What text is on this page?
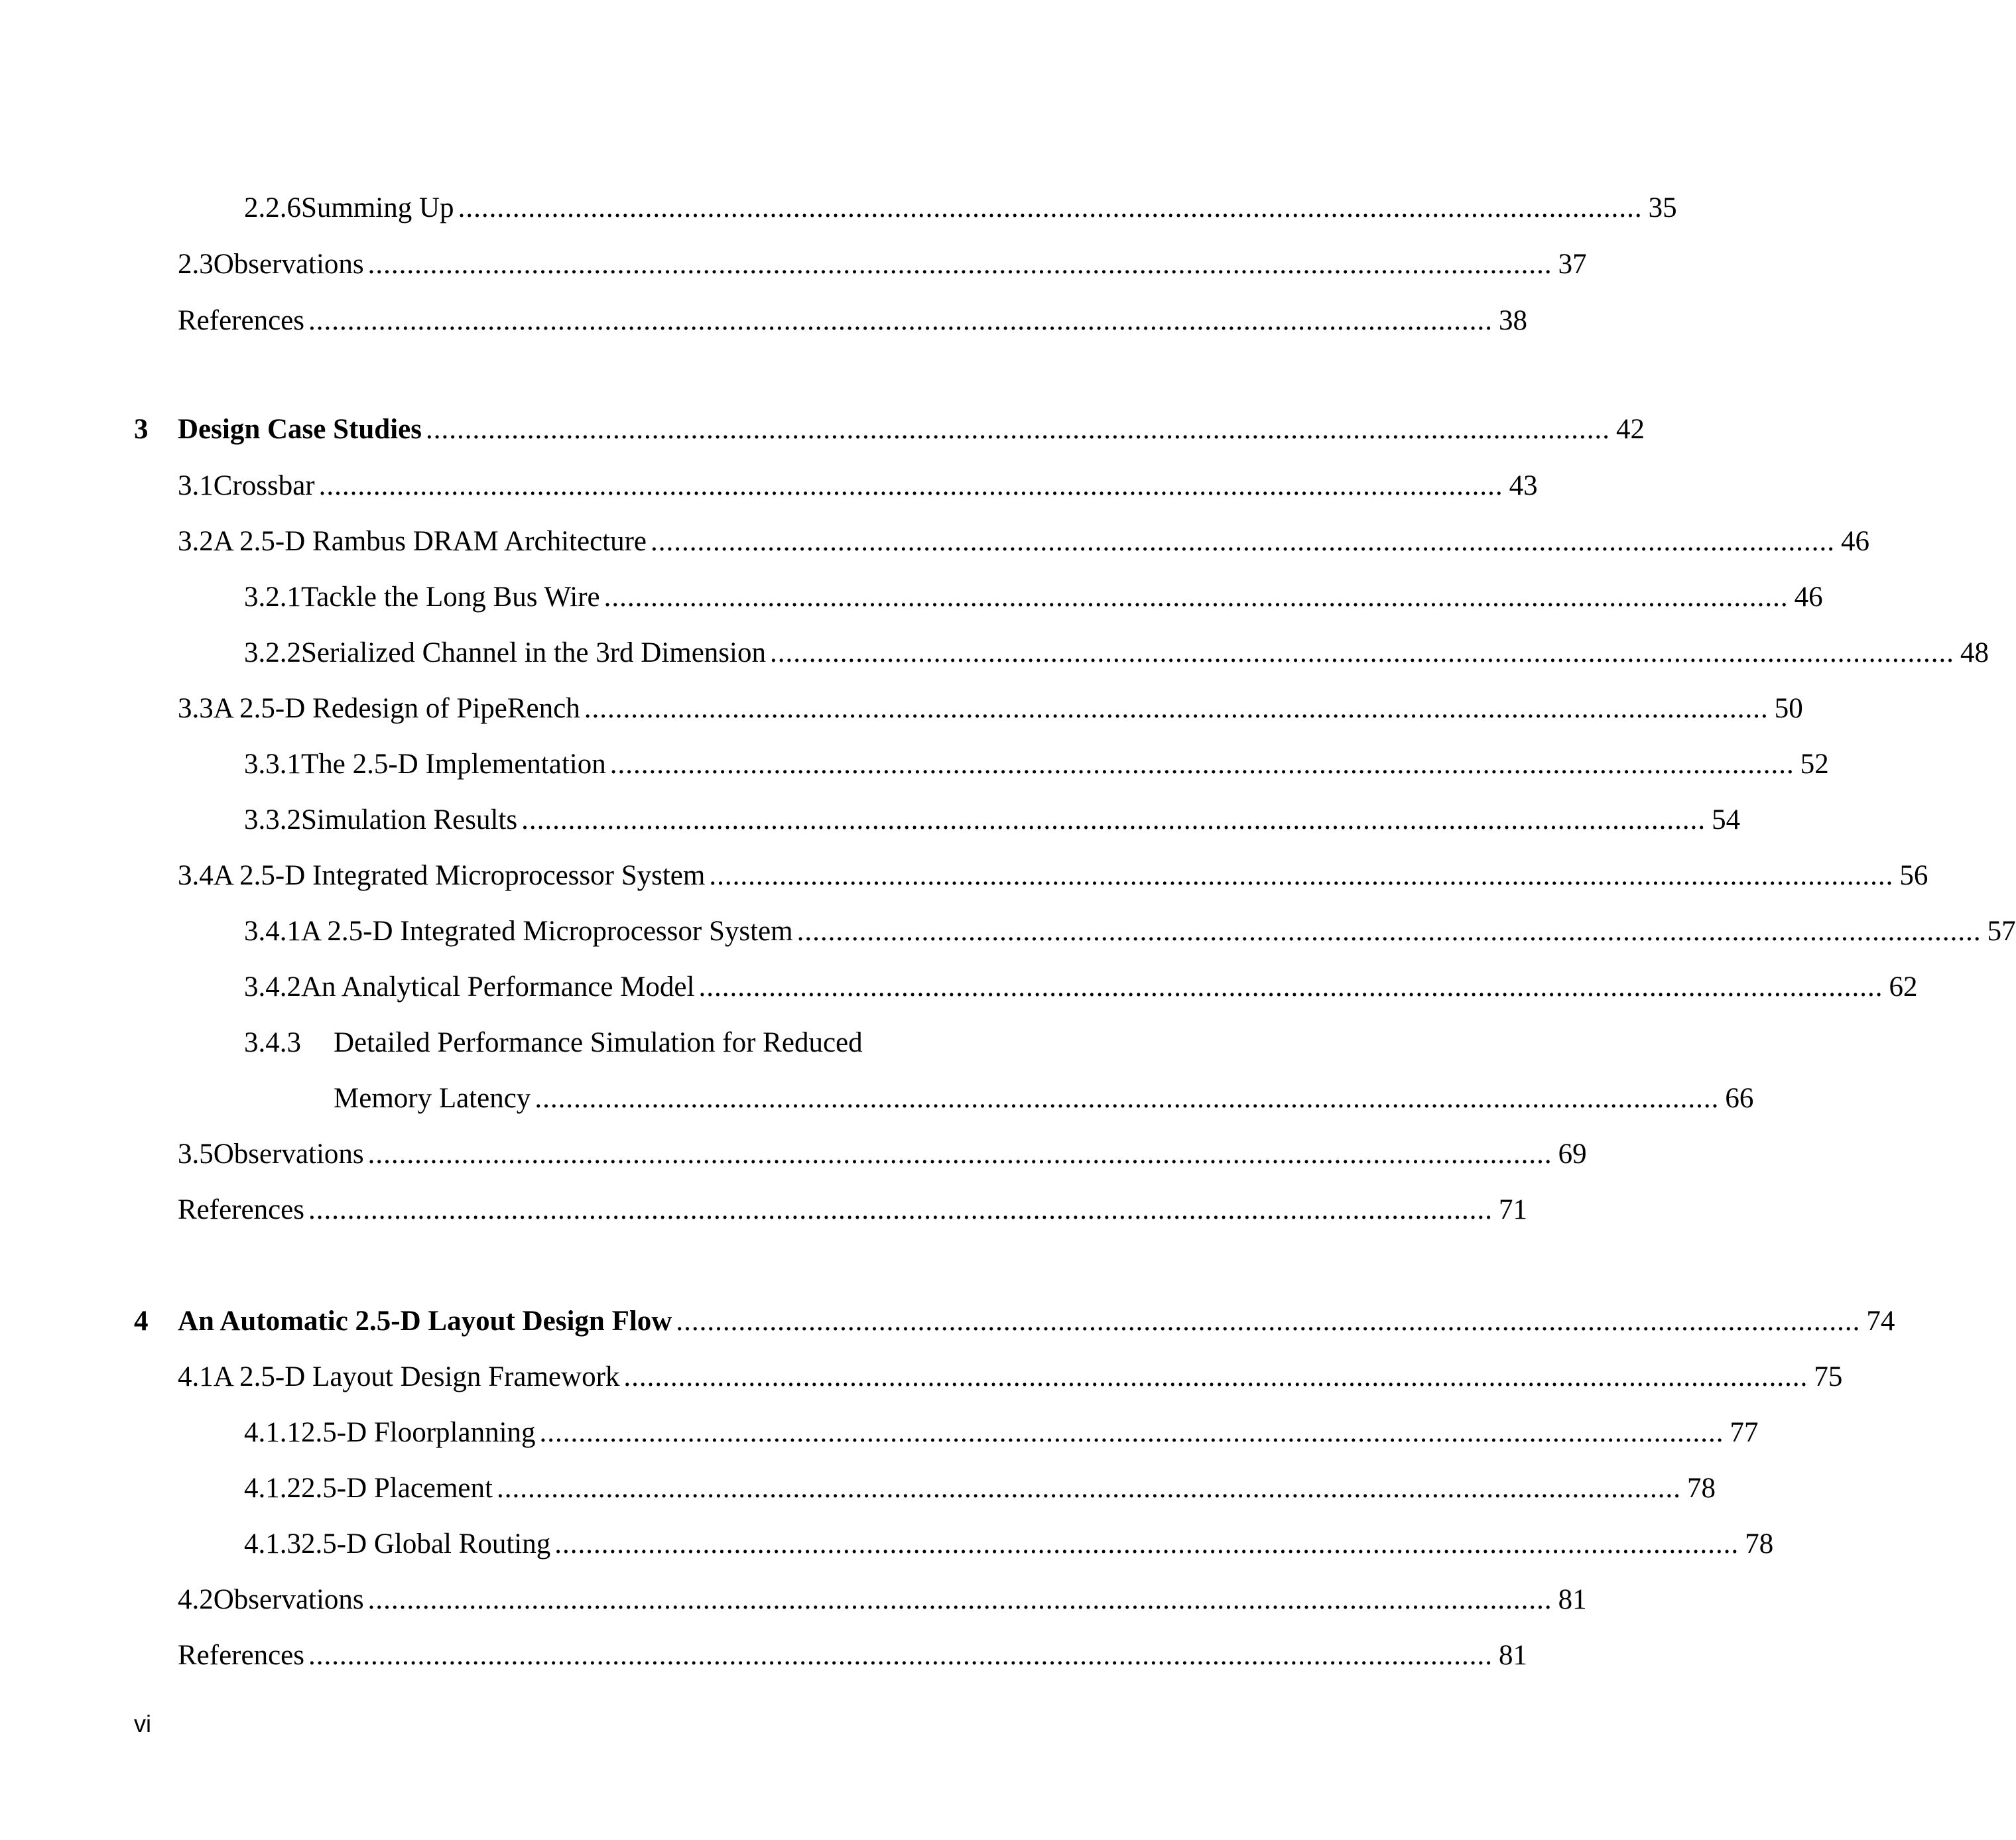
2.2.6 Summing Up ........................................................................................................................................................ 35
2.3 Observations ........................................................................................................................................................ 37
References ........................................................................................................................................................ 38
3 Design Case Studies ........................................................................................................................................................ 42
3.1 Crossbar ........................................................................................................................................................ 43
3.2 A 2.5-D Rambus DRAM Architecture ........................................................................................................................................................ 46
3.2.1 Tackle the Long Bus Wire ........................................................................................................................................................ 46
3.2.2 Serialized Channel in the 3rd Dimension ........................................................................................................................................................ 48
3.3 A 2.5-D Redesign of PipeRench ........................................................................................................................................................ 50
3.3.1 The 2.5-D Implementation ........................................................................................................................................................ 52
3.3.2 Simulation Results ........................................................................................................................................................ 54
3.4 A 2.5-D Integrated Microprocessor System ........................................................................................................................................................ 56
3.4.1 A 2.5-D Integrated Microprocessor System ........................................................................................................................................................ 57
3.4.2 An Analytical Performance Model ........................................................................................................................................................ 62
3.4.3 Detailed Performance Simulation for Reduced
Memory Latency ........................................................................................................................................................ 66
3.5 Observations ........................................................................................................................................................ 69
References ........................................................................................................................................................ 71
4 An Automatic 2.5-D Layout Design Flow ........................................................................................................................................................ 74
4.1 A 2.5-D Layout Design Framework ........................................................................................................................................................ 75
4.1.1 2.5-D Floorplanning ........................................................................................................................................................ 77
4.1.2 2.5-D Placement ........................................................................................................................................................ 78
4.1.3 2.5-D Global Routing ........................................................................................................................................................ 78
4.2 Observations ........................................................................................................................................................ 81
References ........................................................................................................................................................ 81
vi
